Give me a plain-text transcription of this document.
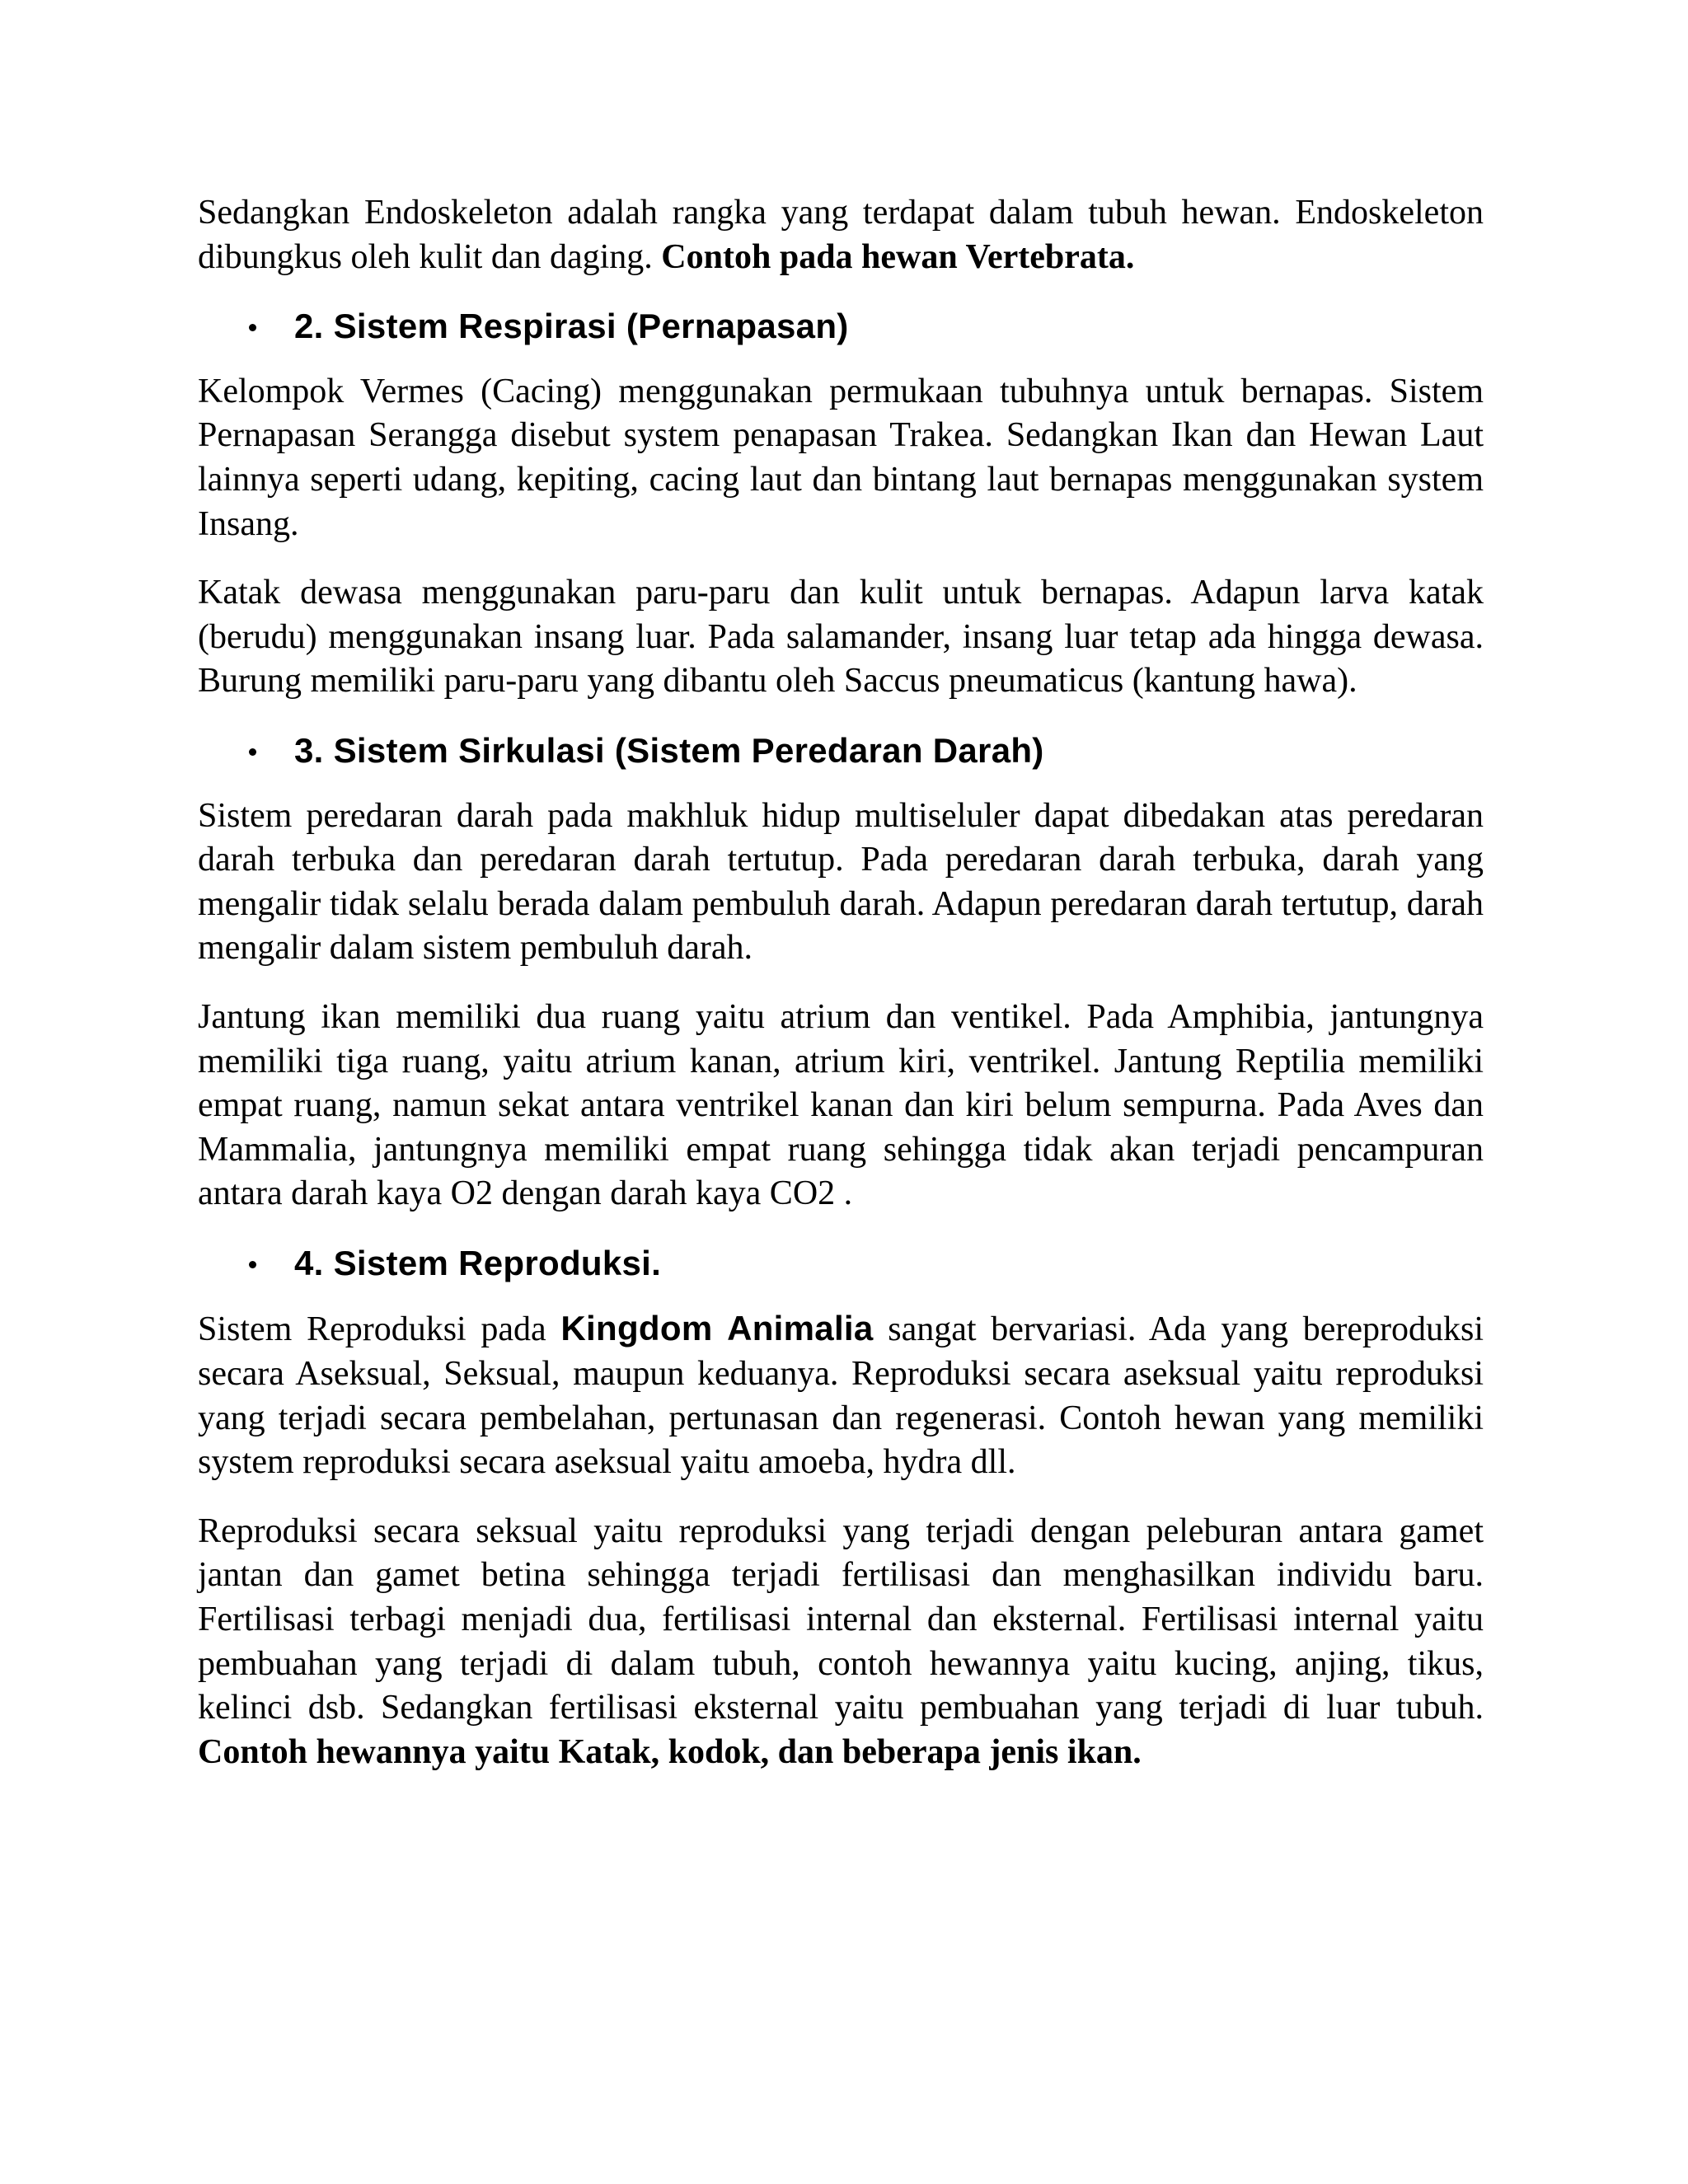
Sedangkan Endoskeleton adalah rangka yang terdapat dalam tubuh hewan. Endoskeleton dibungkus oleh kulit dan daging. Contoh pada hewan Vertebrata.

2. Sistem Respirasi (Pernapasan)

Kelompok Vermes (Cacing) menggunakan permukaan tubuhnya untuk bernapas. Sistem Pernapasan Serangga disebut system penapasan Trakea. Sedangkan Ikan dan Hewan Laut lainnya seperti udang, kepiting, cacing laut dan bintang laut bernapas menggunakan system Insang.

Katak dewasa menggunakan paru-paru dan kulit untuk bernapas. Adapun larva katak (berudu) menggunakan insang luar. Pada salamander, insang luar tetap ada hingga dewasa. Burung memiliki paru-paru yang dibantu oleh Saccus pneumaticus (kantung hawa).

3. Sistem Sirkulasi (Sistem Peredaran Darah)

Sistem peredaran darah pada makhluk hidup multiseluler dapat dibedakan atas peredaran darah terbuka dan peredaran darah tertutup. Pada peredaran darah terbuka, darah yang mengalir tidak selalu berada dalam pembuluh darah. Adapun peredaran darah tertutup, darah mengalir dalam sistem pembuluh darah.

Jantung ikan memiliki dua ruang yaitu atrium dan ventikel. Pada Amphibia, jantungnya memiliki tiga ruang, yaitu atrium kanan, atrium kiri, ventrikel. Jantung Reptilia memiliki empat ruang, namun sekat antara ventrikel kanan dan kiri belum sempurna. Pada Aves dan Mammalia, jantungnya memiliki empat ruang sehingga tidak akan terjadi pencampuran antara darah kaya O2 dengan darah kaya CO2 .

4. Sistem Reproduksi.

Sistem Reproduksi pada Kingdom Animalia sangat bervariasi. Ada yang bereproduksi secara Aseksual, Seksual, maupun keduanya. Reproduksi secara aseksual yaitu reproduksi yang terjadi secara pembelahan, pertunasan dan regenerasi. Contoh hewan yang memiliki system reproduksi secara aseksual yaitu amoeba, hydra dll.

Reproduksi secara seksual yaitu reproduksi yang terjadi dengan peleburan antara gamet jantan dan gamet betina sehingga terjadi fertilisasi dan menghasilkan individu baru. Fertilisasi terbagi menjadi dua, fertilisasi internal dan eksternal. Fertilisasi internal yaitu pembuahan yang terjadi di dalam tubuh, contoh hewannya yaitu kucing, anjing, tikus, kelinci dsb. Sedangkan fertilisasi eksternal yaitu pembuahan yang terjadi di luar tubuh. Contoh hewannya yaitu Katak, kodok, dan beberapa jenis ikan.
